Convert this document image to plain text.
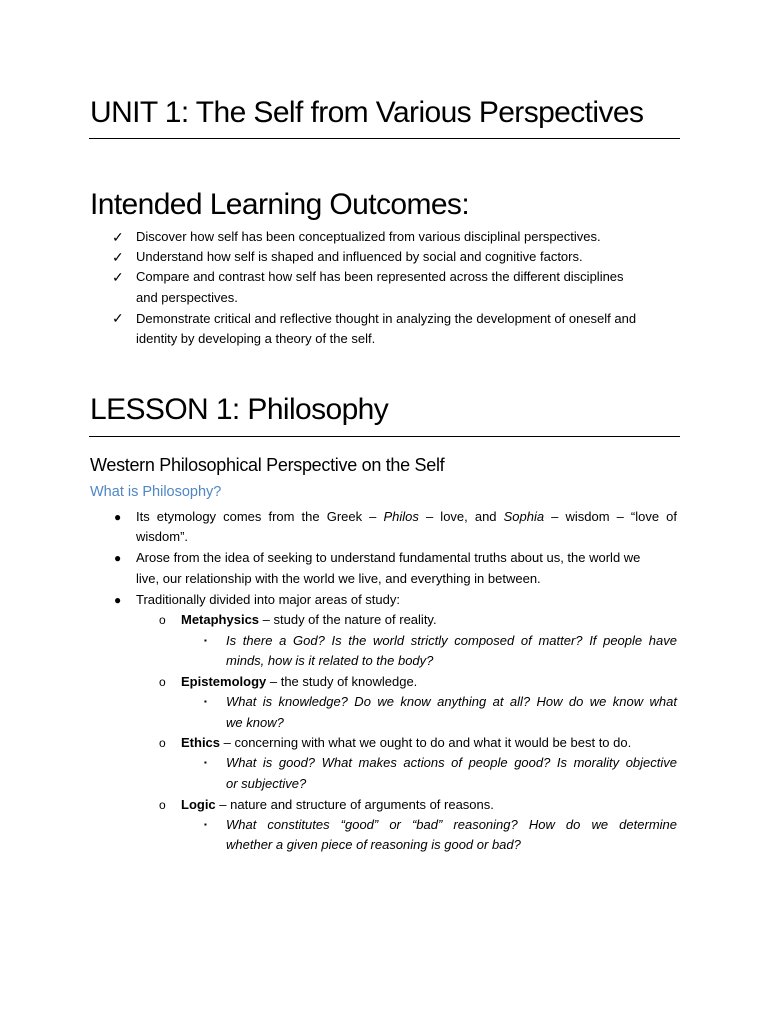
UNIT 1: The Self from Various Perspectives
Intended Learning Outcomes:
✓ Discover how self has been conceptualized from various disciplinal perspectives.
✓ Understand how self is shaped and influenced by social and cognitive factors.
✓ Compare and contrast how self has been represented across the different disciplines
and perspectives.
✓ Demonstrate critical and reflective thought in analyzing the development of oneself and
identity by developing a theory of the self.
LESSON 1: Philosophy
Western Philosophical Perspective on the Self
What is Philosophy?
● Its etymology comes from the Greek – Philos – love, and Sophia – wisdom – “love of
wisdom”.
● Arose from the idea of seeking to understand fundamental truths about us, the world we
live, our relationship with the world we live, and everything in between.
● Traditionally divided into major areas of study:
o Metaphysics – study of the nature of reality.
▪ Is there a God? Is the world strictly composed of matter? If people have
minds, how is it related to the body?
o Epistemology – the study of knowledge.
▪ What is knowledge? Do we know anything at all? How do we know what
we know?
o Ethics – concerning with what we ought to do and what it would be best to do.
▪ What is good? What makes actions of people good? Is morality objective
or subjective?
o Logic – nature and structure of arguments of reasons.
▪ What constitutes “good” or “bad” reasoning? How do we determine
whether a given piece of reasoning is good or bad?
